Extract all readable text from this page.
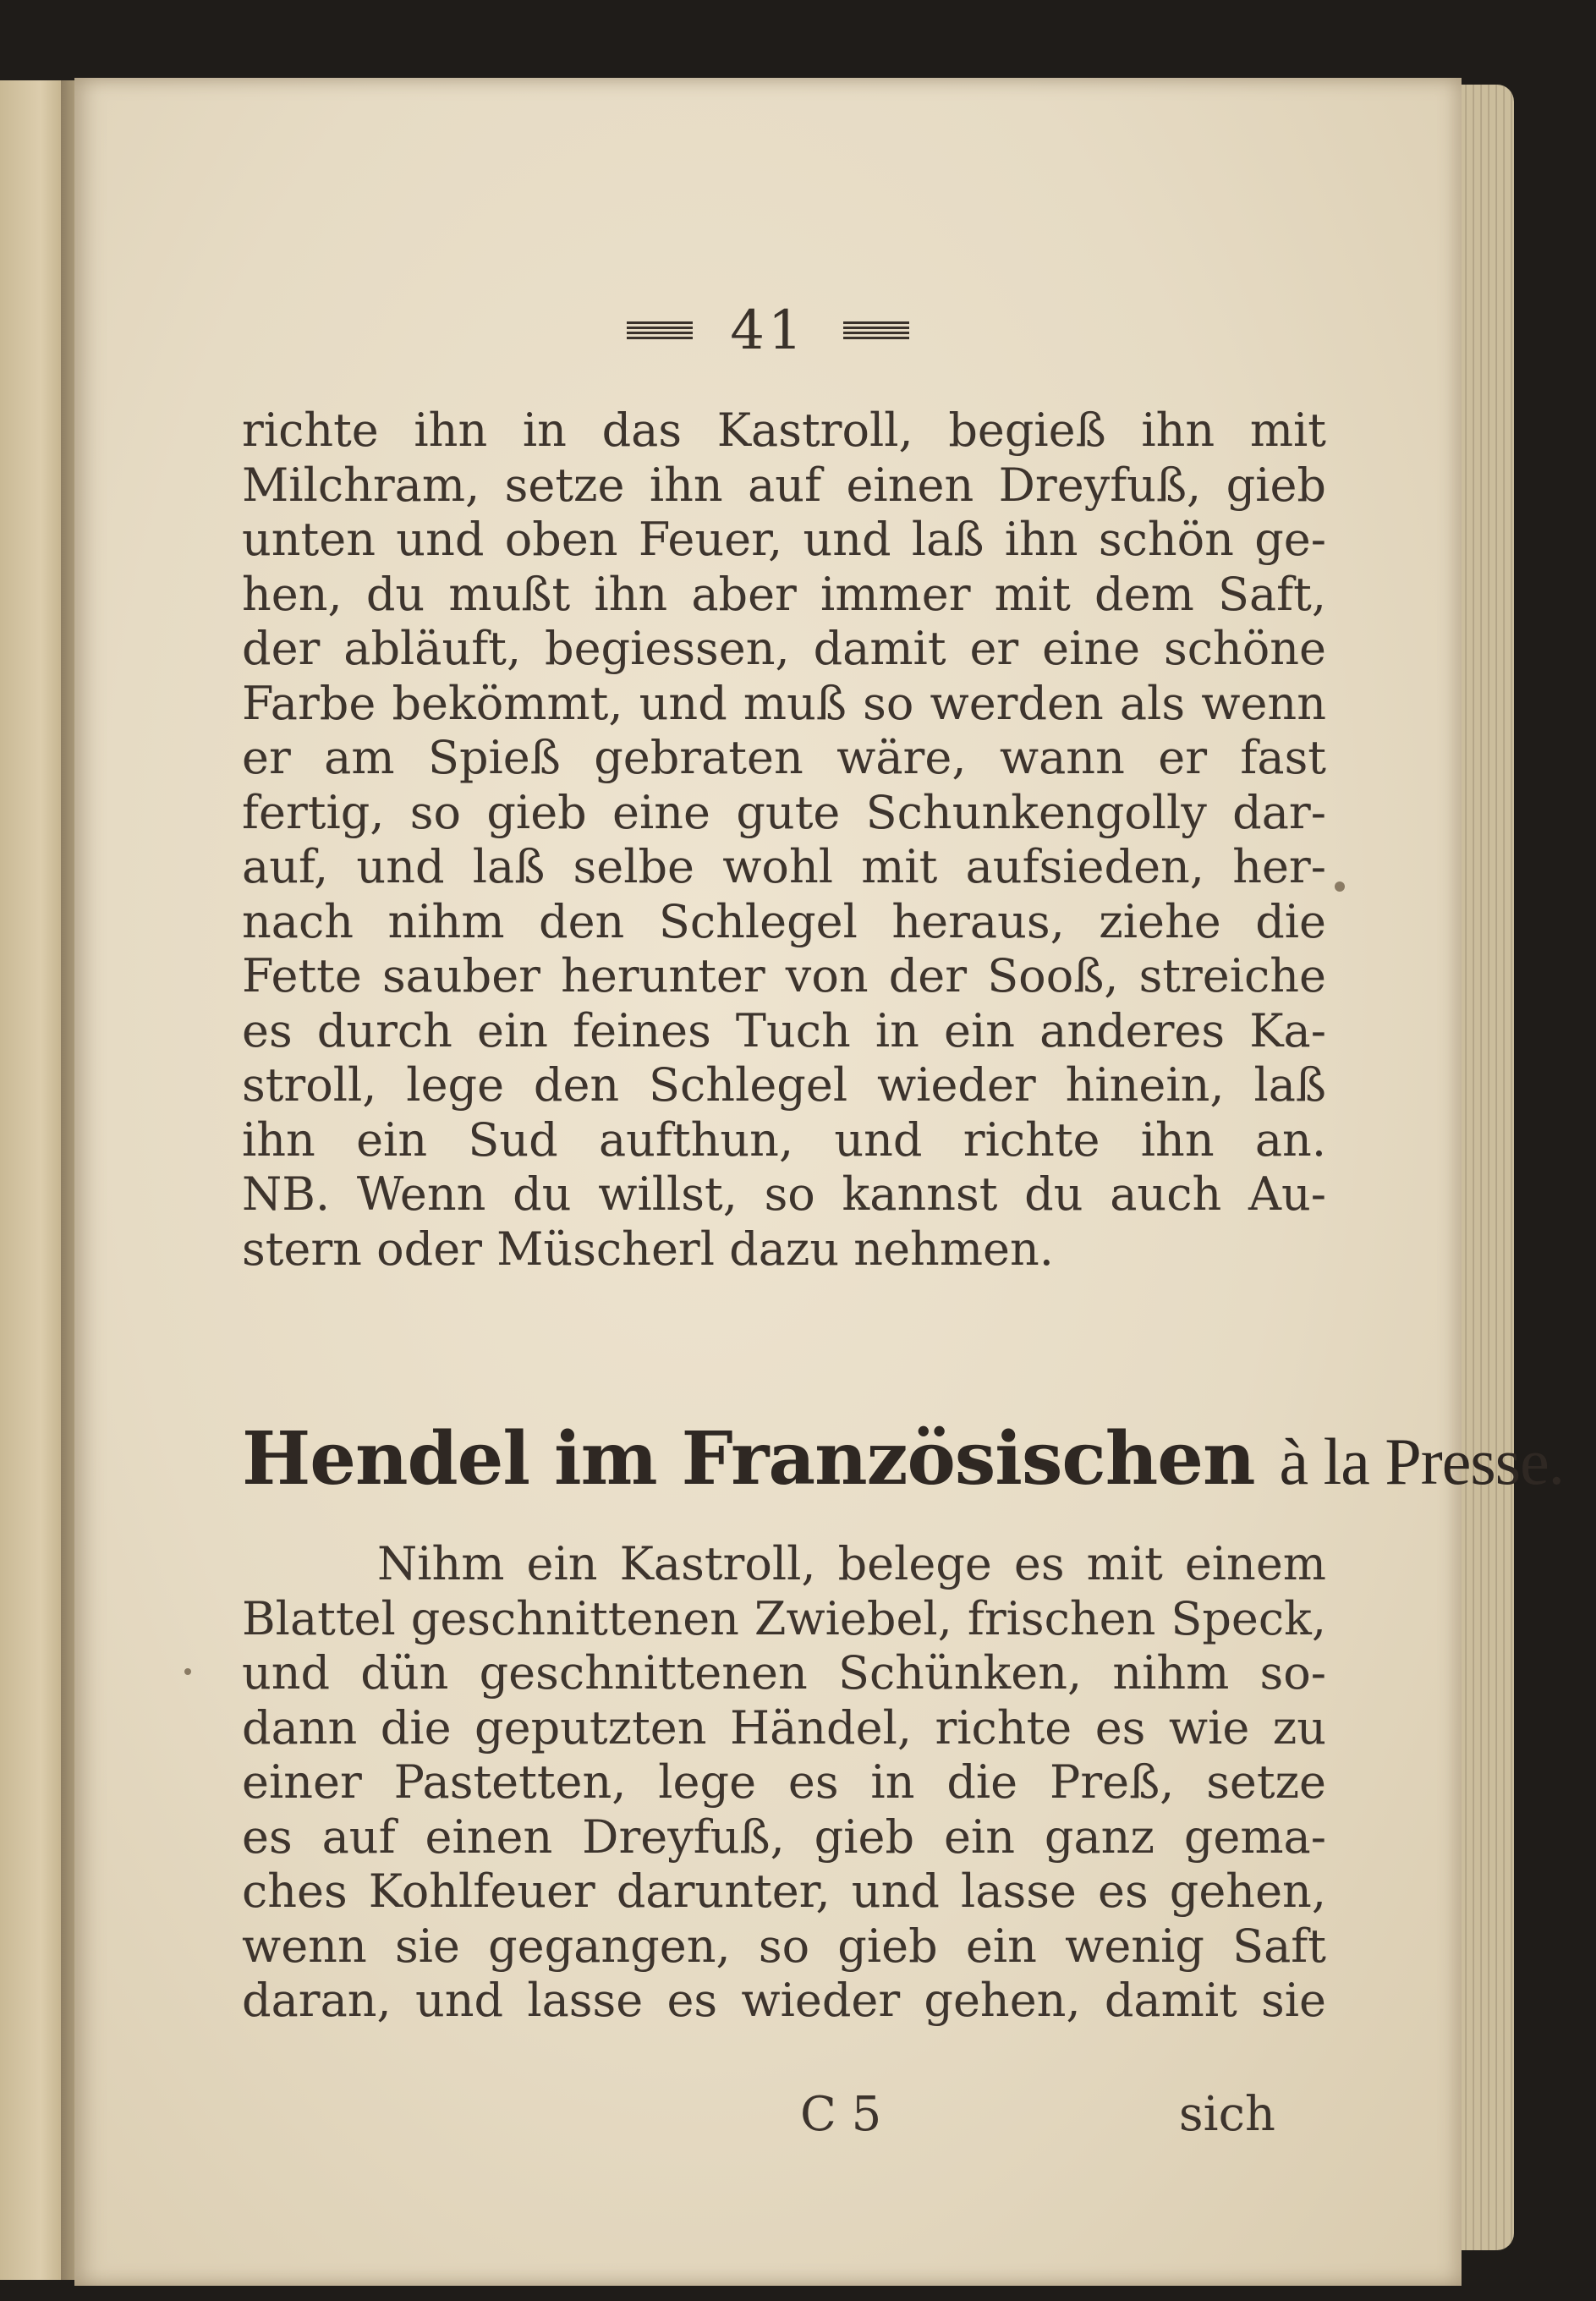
41
richte ihn in das Kastroll, begieß ihn mit
Milchram, setze ihn auf einen Dreyfuß, gieb
unten und oben Feuer, und laß ihn schön ge-
hen, du mußt ihn aber immer mit dem Saft,
der abläuft, begiessen, damit er eine schöne
Farbe bekömmt, und muß so werden als wenn
er am Spieß gebraten wäre, wann er fast
fertig, so gieb eine gute Schunkengolly dar-
auf, und laß selbe wohl mit aufsieden, her-
nach nihm den Schlegel heraus, ziehe die
Fette sauber herunter von der Sooß, streiche
es durch ein feines Tuch in ein anderes Ka-
stroll, lege den Schlegel wieder hinein, laß
ihn ein Sud aufthun, und richte ihn an.
NB. Wenn du willst, so kannst du auch Au-
stern oder Müscherl dazu nehmen.
Hendel im Französischen à la Presse.
Nihm ein Kastroll, belege es mit einem
Blattel geschnittenen Zwiebel, frischen Speck,
und dün geschnittenen Schünken, nihm so-
dann die geputzten Händel, richte es wie zu
einer Pastetten, lege es in die Preß, setze
es auf einen Dreyfuß, gieb ein ganz gema-
ches Kohlfeuer darunter, und lasse es gehen,
wenn sie gegangen, so gieb ein wenig Saft
daran, und lasse es wieder gehen, damit sie
C 5	sich
